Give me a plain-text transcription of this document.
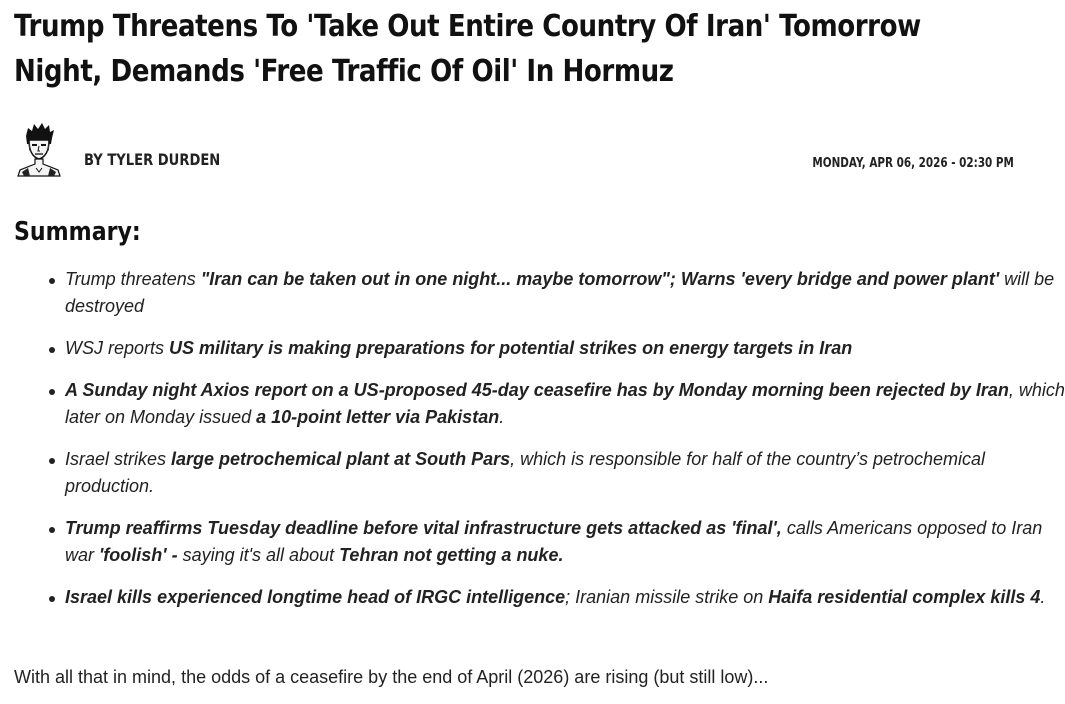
Trump Threatens To 'Take Out Entire Country Of Iran' Tomorrow Night, Demands 'Free Traffic Of Oil' In Hormuz
BY TYLER DURDEN	MONDAY, APR 06, 2026 - 02:30 PM
Summary:
Trump threatens "Iran can be taken out in one night... maybe tomorrow"; Warns 'every bridge and power plant' will be destroyed
WSJ reports US military is making preparations for potential strikes on energy targets in Iran
A Sunday night Axios report on a US-proposed 45-day ceasefire has by Monday morning been rejected by Iran, which later on Monday issued a 10-point letter via Pakistan.
Israel strikes large petrochemical plant at South Pars, which is responsible for half of the country’s petrochemical production.
Trump reaffirms Tuesday deadline before vital infrastructure gets attacked as 'final', calls Americans opposed to Iran war 'foolish' - saying it's all about Tehran not getting a nuke.
Israel kills experienced longtime head of IRGC intelligence; Iranian missile strike on Haifa residential complex kills 4.

With all that in mind, the odds of a ceasefire by the end of April (2026) are rising (but still low)...
